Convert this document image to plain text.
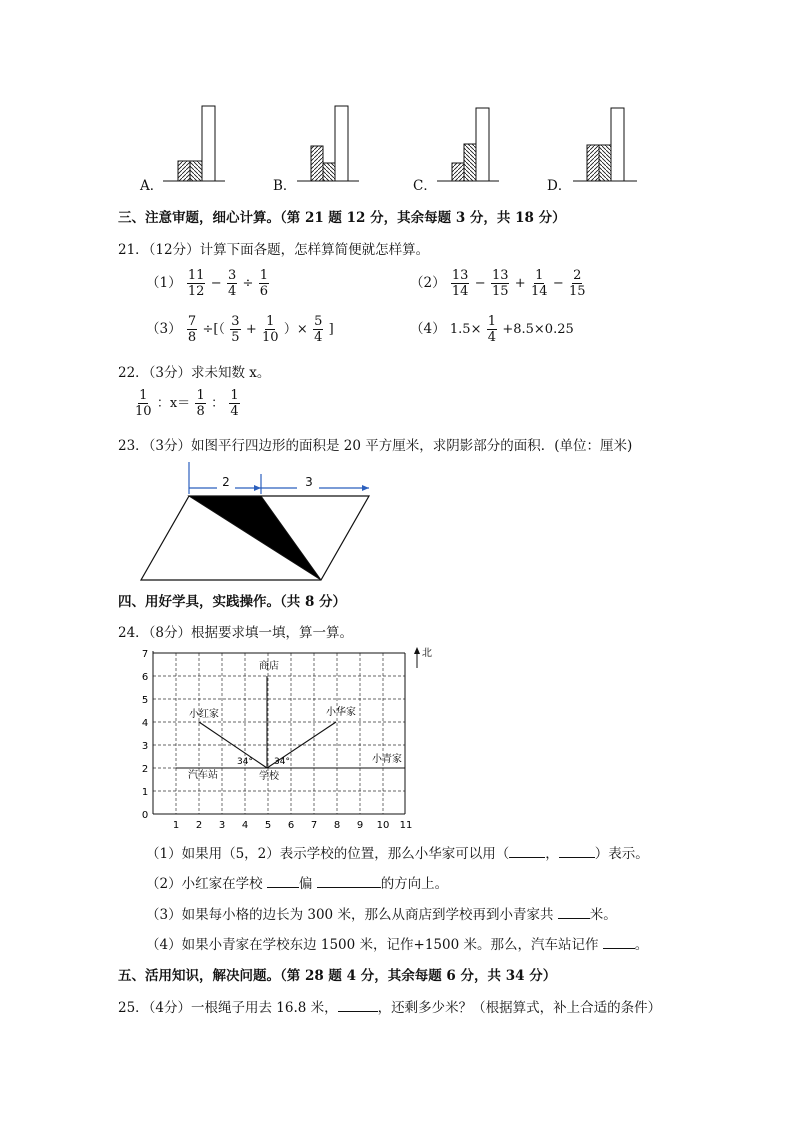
A．	B．	C．	D．
三、注意审题，细心计算。（第 21 题 12 分，其余每题 3 分，共 18 分）
21．（12分）计算下面各题，怎样算简便就怎样算。
$(1) \frac{11}{12} - \frac{3}{4} \div \frac{1}{6}$	$(2) \frac{13}{14} - \frac{13}{15} + \frac{1}{14} - \frac{2}{15}$
$(3) \frac{7}{8}$ ÷[（ $\frac{3}{5} + \frac{1}{10}$ ）× $\frac{5}{4}$ ]	（4） $1.5\times \frac{1}{4} +8.5\times 0.25$
22．（3分）求未知数 x。
$\frac{1}{10}$ ：$x= \frac{1}{8}$ ： $\frac{1}{4}$
23．（3分）如图平行四边形的面积是 20 平方厘米，求阴影部分的面积．(单位：厘米)
2	3
四、用好学具，实践操作。（共 8 分）
24．（8分）根据要求填一填，算一算。
北
商店
小红家	小华家
小青家
汽车站	学校
34° 34°
1 2 3 4 5 6 7 8 9 10 11
0
1
2
3
4
5
6
7
（1）如果用（5，2）表示学校的位置，那么小华家可以用（	，	）表示。
（2）小红家在学校	偏	的方向上。
（3）如果每小格的边长为 300 米，那么从商店到学校再到小青家共	米。
（4）如果小青家在学校东边 1500 米，记作+1500 米。那么，汽车站记作	。
五、活用知识，解决问题。（第 28 题 4 分，其余每题 6 分，共 34 分）
25．（4分）一根绳子用去 16.8 米，	，还剩多少米？（根据算式，补上合适的条件）
